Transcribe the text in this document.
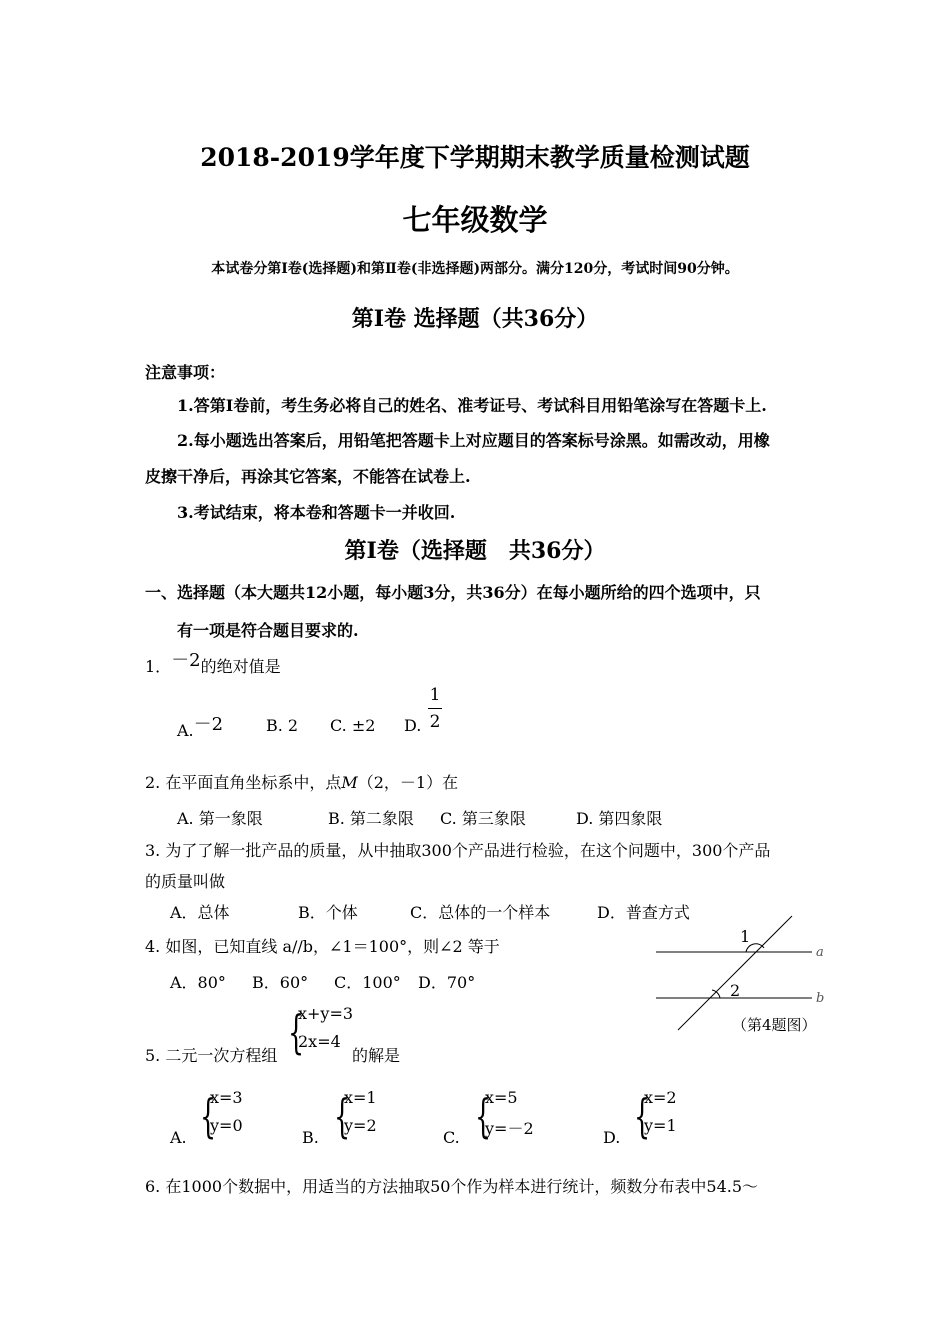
2018-2019学年度下学期期末教学质量检测试题
七年级数学
本试卷分第Ⅰ卷(选择题)和第Ⅱ卷(非选择题)两部分。满分120分，考试时间90分钟。
第Ⅰ卷 选择题（共36分）
注意事项：
1.答第Ⅰ卷前，考生务必将自己的姓名、准考证号、考试科目用铅笔涂写在答题卡上.
2.每小题选出答案后，用铅笔把答题卡上对应题目的答案标号涂黑。如需改动，用橡
皮擦干净后，再涂其它答案，不能答在试卷上.
3.考试结束，将本卷和答题卡一并收回.
第Ⅰ卷（选择题　共36分）
一、选择题（本大题共12小题，每小题3分，共36分）在每小题所给的四个选项中，只
有一项是符合题目要求的.
1．－2的绝对值是
A.－2	B. 2 C. ±2 D.
1
2
2. 在平面直角坐标系中，点M（2，－1）在
A. 第一象限	B. 第二象限 C. 第三象限	D. 第四象限
3. 为了了解一批产品的质量，从中抽取300个产品进行检验，在这个问题中，300个产品
的质量叫做
A．总体	B．个体	C．总体的一个样本	D．普查方式
4. 如图，已知直线 a//b，∠1＝100°，则∠2 等于
A．80° B．60° C．100° D．70°
1
2
a
b
（第4题图）
5. 二元一次方程组 {
x+y=3
2x=4
的解是
A. {
x=3
y=0
B. {
x=1
y=2
C. {
x=5
y=－2	D. {
x=2
y=1
6. 在1000个数据中，用适当的方法抽取50个作为样本进行统计，频数分布表中54.5～
